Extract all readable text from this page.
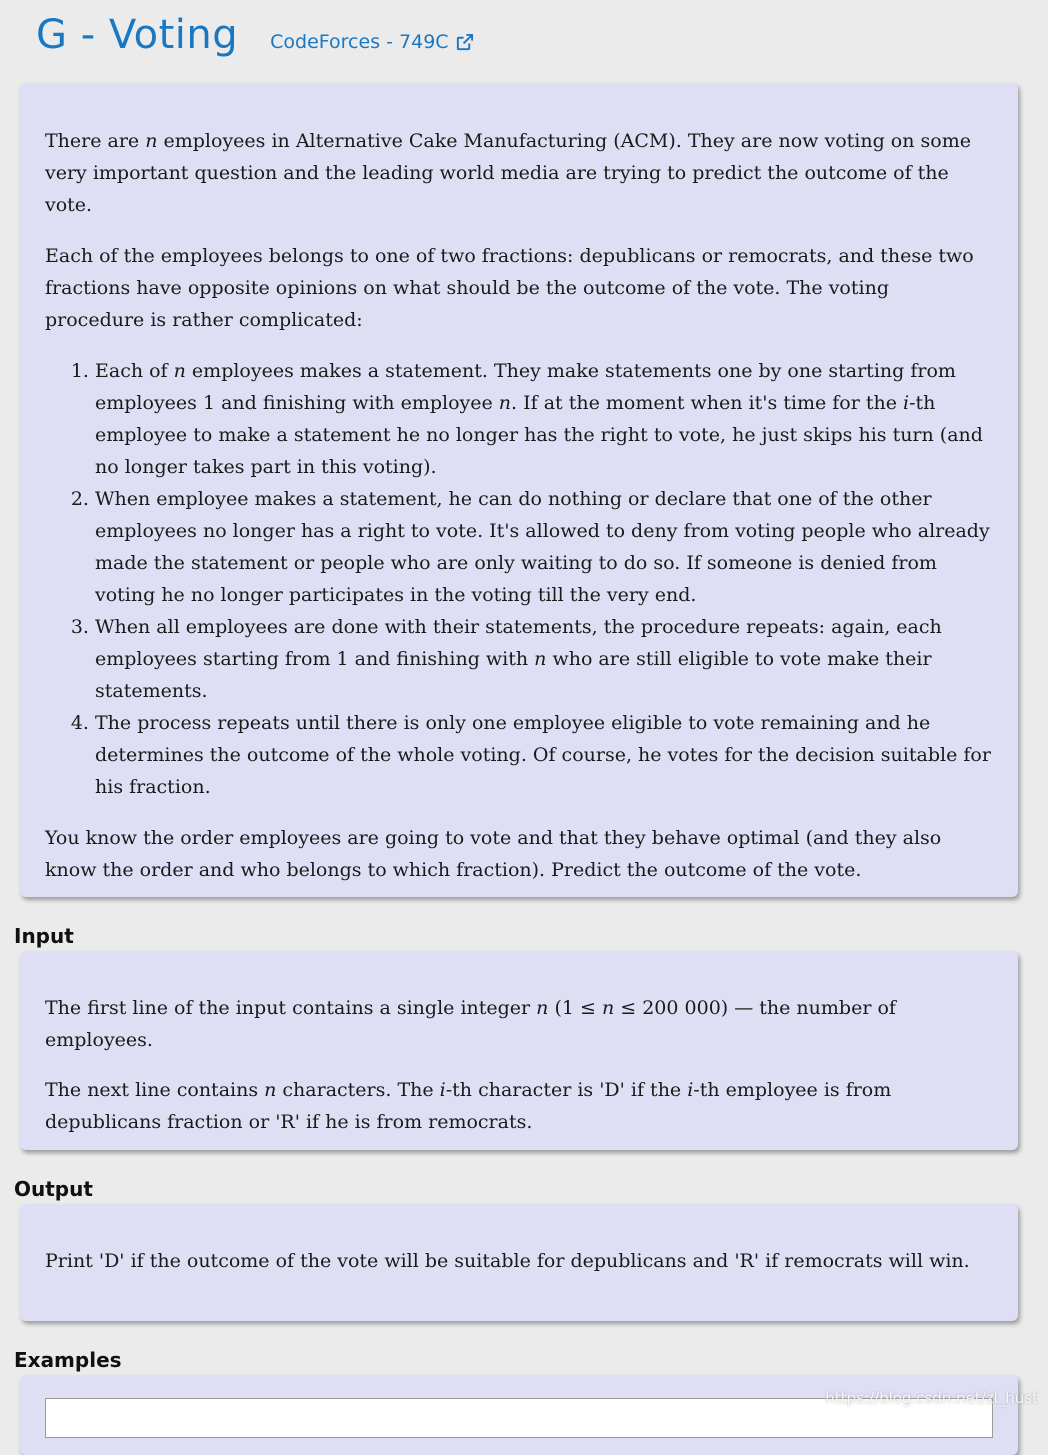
G - Voting CodeForces - 749C

There are n employees in Alternative Cake Manufacturing (ACM). They are now voting on some very important question and the leading world media are trying to predict the outcome of the vote.

Each of the employees belongs to one of two fractions: depublicans or remocrats, and these two fractions have opposite opinions on what should be the outcome of the vote. The voting procedure is rather complicated:

1. Each of n employees makes a statement. They make statements one by one starting from employees 1 and finishing with employee n. If at the moment when it's time for the i-th employee to make a statement he no longer has the right to vote, he just skips his turn (and no longer takes part in this voting).
2. When employee makes a statement, he can do nothing or declare that one of the other employees no longer has a right to vote. It's allowed to deny from voting people who already made the statement or people who are only waiting to do so. If someone is denied from voting he no longer participates in the voting till the very end.
3. When all employees are done with their statements, the procedure repeats: again, each employees starting from 1 and finishing with n who are still eligible to vote make their statements.
4. The process repeats until there is only one employee eligible to vote remaining and he determines the outcome of the whole voting. Of course, he votes for the decision suitable for his fraction.

You know the order employees are going to vote and that they behave optimal (and they also know the order and who belongs to which fraction). Predict the outcome of the vote.

Input

The first line of the input contains a single integer n (1 ≤ n ≤ 200 000) — the number of employees.

The next line contains n characters. The i-th character is 'D' if the i-th employee is from depublicans fraction or 'R' if he is from remocrats.

Output

Print 'D' if the outcome of the vote will be suitable for depublicans and 'R' if remocrats will win.

Examples
https://blog.csdn.net/zl_hust
